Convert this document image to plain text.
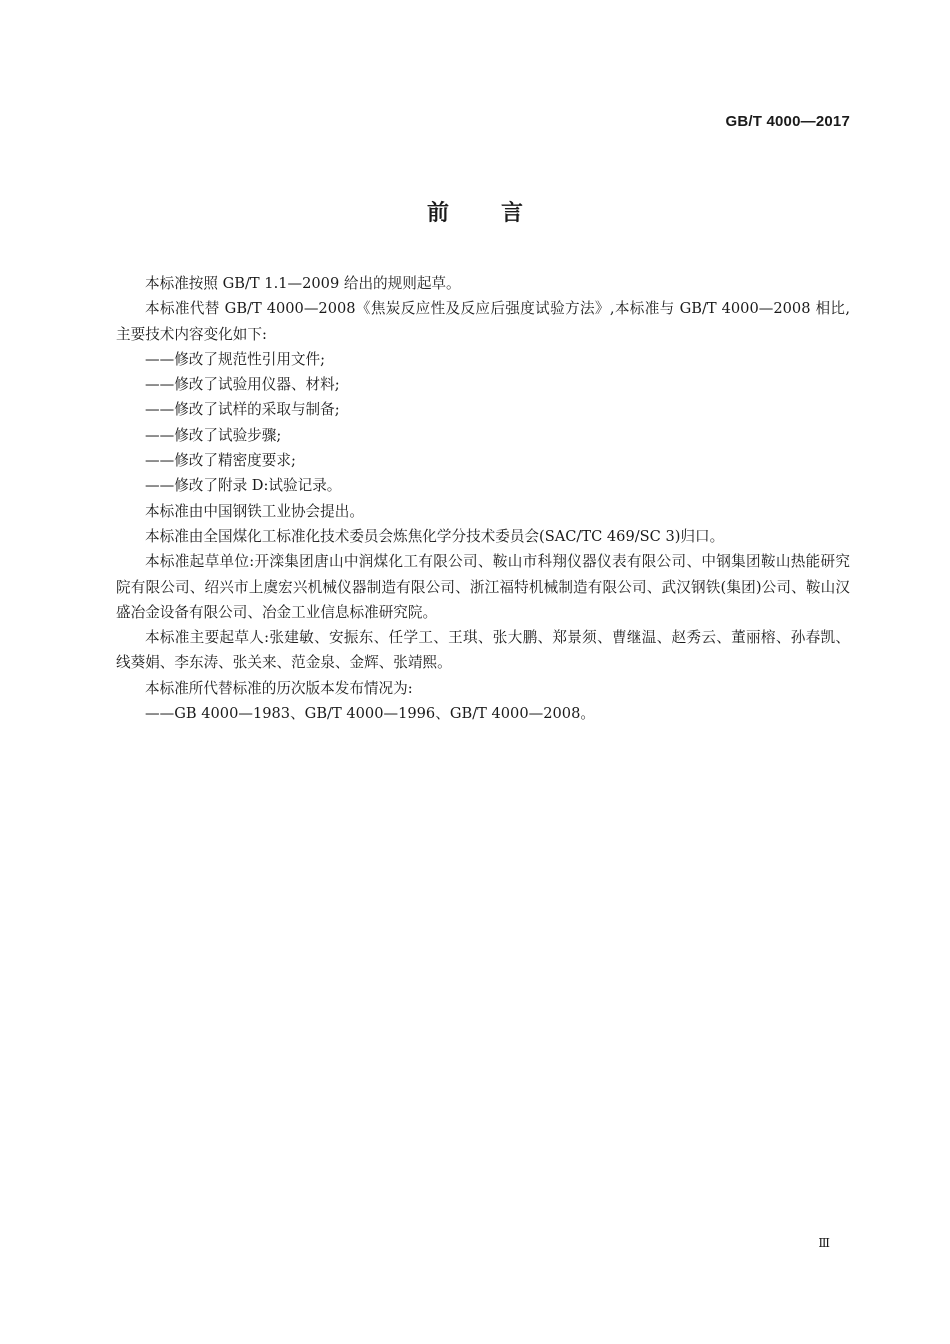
GB/T 4000—2017
前 言

本标准按照 GB/T 1.1—2009 给出的规则起草。

本标准代替 GB/T 4000—2008《焦炭反应性及反应后强度试验方法》,本标准与 GB/T 4000—2008 相比,主要技术内容变化如下:

——修改了规范性引用文件;

——修改了试验用仪器、材料;

——修改了试样的采取与制备;

——修改了试验步骤;

——修改了精密度要求;

——修改了附录 D:试验记录。

本标准由中国钢铁工业协会提出。

本标准由全国煤化工标准化技术委员会炼焦化学分技术委员会(SAC/TC 469/SC 3)归口。

本标准起草单位:开滦集团唐山中润煤化工有限公司、鞍山市科翔仪器仪表有限公司、中钢集团鞍山热能研究院有限公司、绍兴市上虞宏兴机械仪器制造有限公司、浙江福特机械制造有限公司、武汉钢铁(集团)公司、鞍山汉盛冶金设备有限公司、冶金工业信息标准研究院。

本标准主要起草人:张建敏、安振东、任学工、王琪、张大鹏、郑景须、曹继温、赵秀云、董丽榕、孙春凯、线葵娟、李东涛、张关来、范金泉、金辉、张靖熙。

本标准所代替标准的历次版本发布情况为:

——GB 4000—1983、GB/T 4000—1996、GB/T 4000—2008。

Ⅲ
